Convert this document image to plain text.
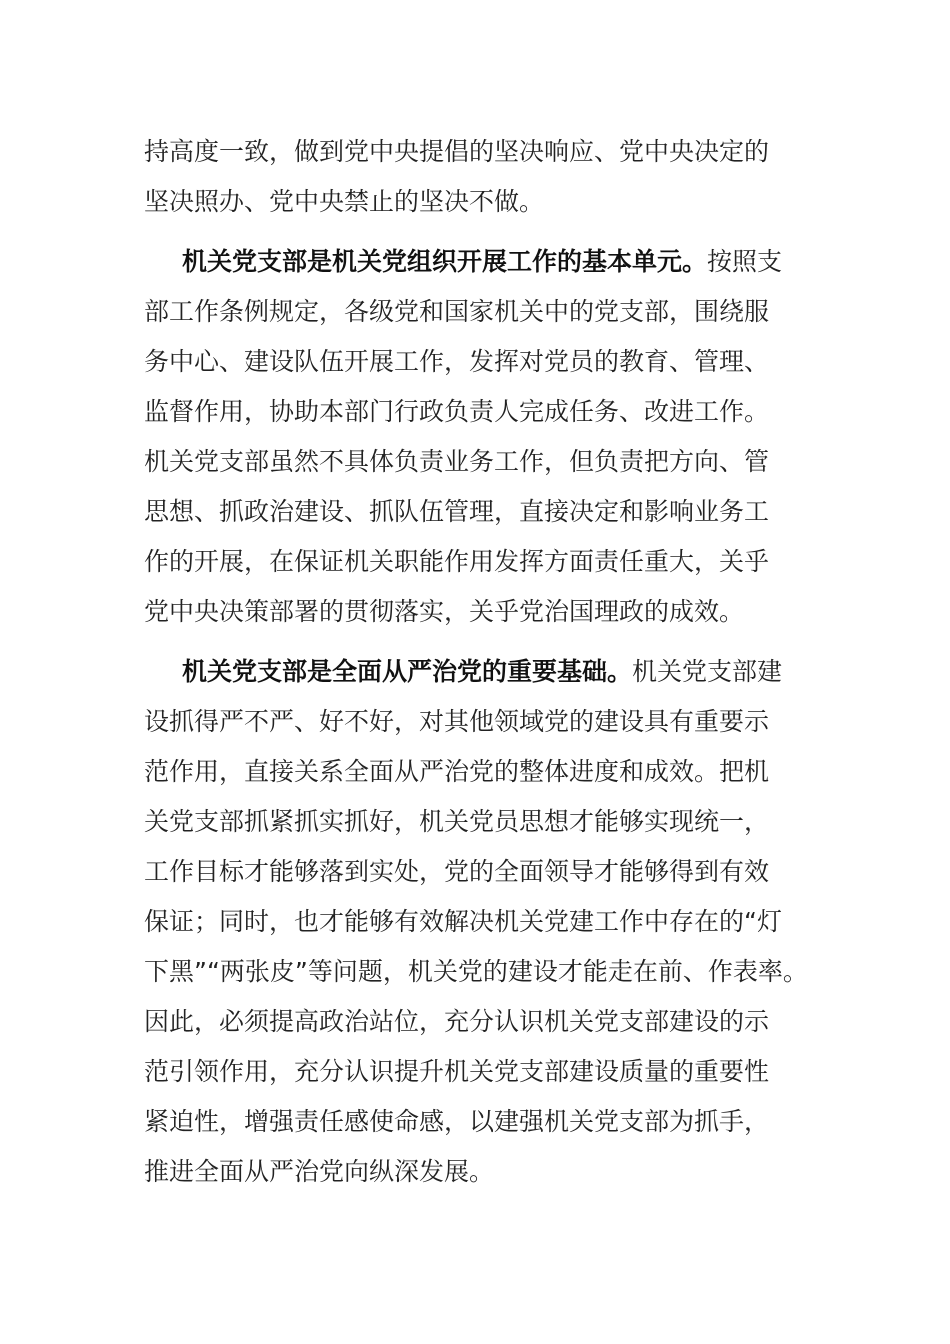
持高度一致，做到党中央提倡的坚决响应、党中央决定的
坚决照办、党中央禁止的坚决不做。

机关党支部是机关党组织开展工作的基本单元。按照支
部工作条例规定，各级党和国家机关中的党支部，围绕服
务中心、建设队伍开展工作，发挥对党员的教育、管理、
监督作用，协助本部门行政负责人完成任务、改进工作。
机关党支部虽然不具体负责业务工作，但负责把方向、管
思想、抓政治建设、抓队伍管理，直接决定和影响业务工
作的开展，在保证机关职能作用发挥方面责任重大，关乎
党中央决策部署的贯彻落实，关乎党治国理政的成效。

机关党支部是全面从严治党的重要基础。机关党支部建
设抓得严不严、好不好，对其他领域党的建设具有重要示
范作用，直接关系全面从严治党的整体进度和成效。把机
关党支部抓紧抓实抓好，机关党员思想才能够实现统一，
工作目标才能够落到实处，党的全面领导才能够得到有效
保证；同时，也才能够有效解决机关党建工作中存在的“灯
下黑”“两张皮”等问题，机关党的建设才能走在前、作表率。
因此，必须提高政治站位，充分认识机关党支部建设的示
范引领作用，充分认识提升机关党支部建设质量的重要性
紧迫性，增强责任感使命感，以建强机关党支部为抓手，
推进全面从严治党向纵深发展。
